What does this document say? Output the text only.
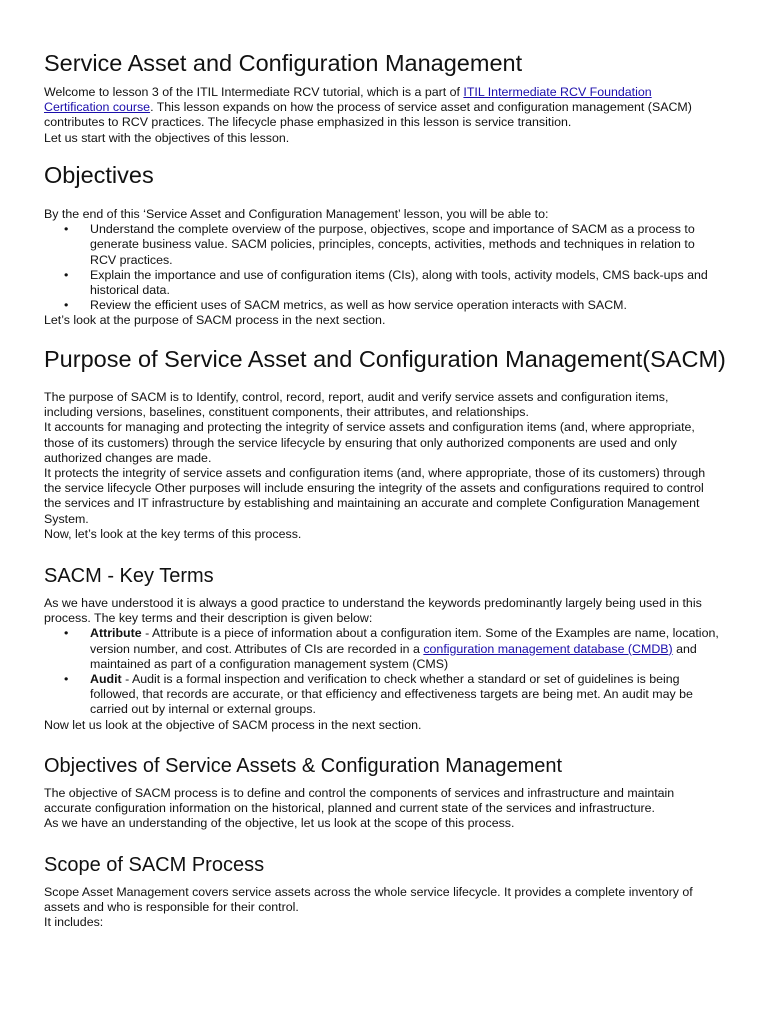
Service Asset and Configuration Management

Welcome to lesson 3 of the ITIL Intermediate RCV tutorial, which is a part of ITIL Intermediate RCV Foundation Certification course. This lesson expands on how the process of service asset and configuration management (SACM) contributes to RCV practices. The lifecycle phase emphasized in this lesson is service transition.

Let us start with the objectives of this lesson.

Objectives

By the end of this ‘Service Asset and Configuration Management’ lesson, you will be able to:

• Understand the complete overview of the purpose, objectives, scope and importance of SACM as a process to generate business value. SACM policies, principles, concepts, activities, methods and techniques in relation to RCV practices.
• Explain the importance and use of configuration items (CIs), along with tools, activity models, CMS back-ups and historical data.
• Review the efficient uses of SACM metrics, as well as how service operation interacts with SACM.

Let’s look at the purpose of SACM process in the next section.

Purpose of Service Asset and Configuration Management(SACM)

The purpose of SACM is to Identify, control, record, report, audit and verify service assets and configuration items, including versions, baselines, constituent components, their attributes, and relationships.

It accounts for managing and protecting the integrity of service assets and configuration items (and, where appropriate, those of its customers) through the service lifecycle by ensuring that only authorized components are used and only authorized changes are made.

It protects the integrity of service assets and configuration items (and, where appropriate, those of its customers) through the service lifecycle Other purposes will include ensuring the integrity of the assets and configurations required to control the services and IT infrastructure by establishing and maintaining an accurate and complete Configuration Management System.

Now, let’s look at the key terms of this process.

SACM - Key Terms

As we have understood it is always a good practice to understand the keywords predominantly largely being used in this process. The key terms and their description is given below:

• Attribute - Attribute is a piece of information about a configuration item. Some of the Examples are name, location, version number, and cost. Attributes of CIs are recorded in a configuration management database (CMDB) and maintained as part of a configuration management system (CMS)
• Audit - Audit is a formal inspection and verification to check whether a standard or set of guidelines is being followed, that records are accurate, or that efficiency and effectiveness targets are being met. An audit may be carried out by internal or external groups.

Now let us look at the objective of SACM process in the next section.

Objectives of Service Assets & Configuration Management

The objective of SACM process is to define and control the components of services and infrastructure and maintain accurate configuration information on the historical, planned and current state of the services and infrastructure.

As we have an understanding of the objective, let us look at the scope of this process.

Scope of SACM Process

Scope Asset Management covers service assets across the whole service lifecycle. It provides a complete inventory of assets and who is responsible for their control.

It includes:
